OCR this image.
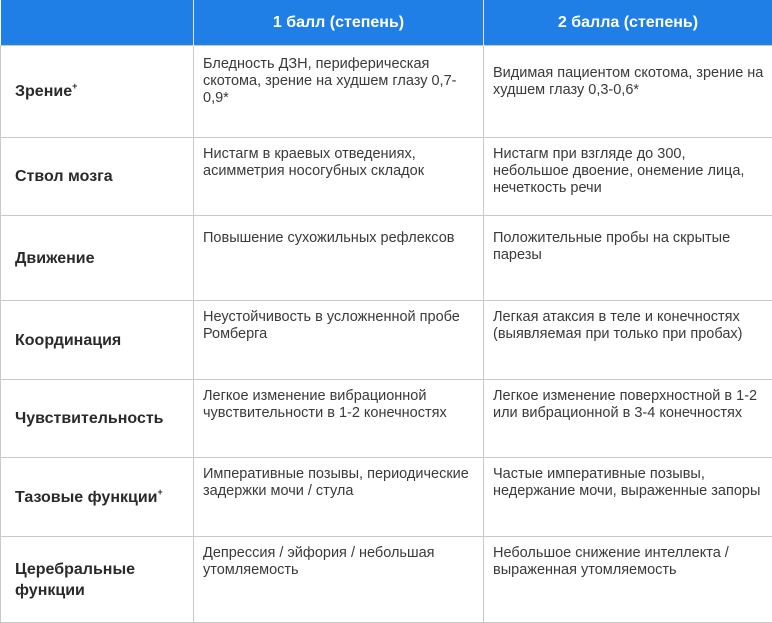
	1 балл (степень)	2 балла (степень)
Зрение+	Бледность ДЗН, периферическая скотома, зрение на худшем глазу 0,7-0,9*	Видимая пациентом скотома, зрение на худшем глазу 0,3-0,6*
Ствол мозга	Нистагм в краевых отведениях, асимметрия носогубных складок	Нистагм при взгляде до 300, небольшое двоение, онемение лица, нечеткость речи
Движение	Повышение сухожильных рефлексов	Положительные пробы на скрытые парезы
Координация	Неустойчивость в усложненной пробе Ромберга	Легкая атаксия в теле и конечностях (выявляемая при только при пробах)
Чувствительность	Легкое изменение вибрационной чувствительности в 1-2 конечностях	Легкое изменение поверхностной в 1-2 или вибрационной в 3-4 конечностях
Тазовые функции+	Императивные позывы, периодические задержки мочи / стула	Частые императивные позывы, недержание мочи, выраженные запоры
Церебральные функции	Депрессия / эйфория / небольшая утомляемость	Небольшое снижение интеллекта / выраженная утомляемость
